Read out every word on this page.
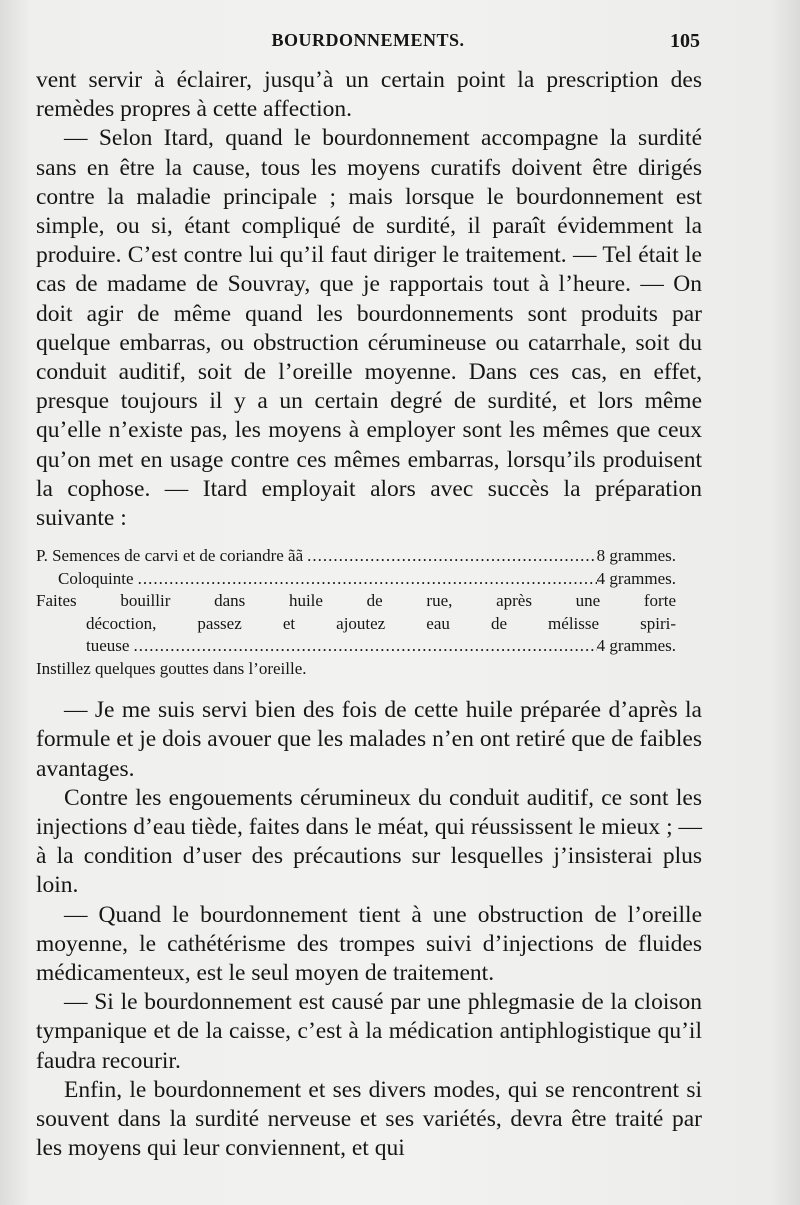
BOURDONNEMENTS.	105

vent servir à éclairer, jusqu’à un certain point la prescription des remèdes propres à cette affection.

— Selon Itard, quand le bourdonnement accompagne la surdité sans en être la cause, tous les moyens curatifs doivent être dirigés contre la maladie principale ; mais lorsque le bourdonnement est simple, ou si, étant compliqué de surdité, il paraît évidemment la produire. C’est contre lui qu’il faut diriger le traitement. — Tel était le cas de madame de Souvray, que je rapportais tout à l’heure. — On doit agir de même quand les bourdonnements sont produits par quelque embarras, ou obstruction cérumineuse ou catarrhale, soit du conduit auditif, soit de l’oreille moyenne. Dans ces cas, en effet, presque toujours il y a un certain degré de surdité, et lors même qu’elle n’existe pas, les moyens à employer sont les mêmes que ceux qu’on met en usage contre ces mêmes embarras, lorsqu’ils produisent la cophose. — Itard employait alors avec succès la préparation suivante :

P. Semences de carvi et de coriandre ãã .....	8 grammes.
Coloquinte .....	4 grammes.
Faites bouillir dans huile de rue, après une forte
décoction, passez et ajoutez eau de mélisse spiri-
tueuse .....	4 grammes.
Instillez quelques gouttes dans l’oreille.

— Je me suis servi bien des fois de cette huile préparée d’après la formule et je dois avouer que les malades n’en ont retiré que de faibles avantages.

Contre les engouements cérumineux du conduit auditif, ce sont les injections d’eau tiède, faites dans le méat, qui réussissent le mieux ; — à la condition d’user des précautions sur lesquelles j’insisterai plus loin.

— Quand le bourdonnement tient à une obstruction de l’oreille moyenne, le cathétérisme des trompes suivi d’injections de fluides médicamenteux, est le seul moyen de traitement.

— Si le bourdonnement est causé par une phlegmasie de la cloison tympanique et de la caisse, c’est à la médication antiphlogistique qu’il faudra recourir.

Enfin, le bourdonnement et ses divers modes, qui se rencontrent si souvent dans la surdité nerveuse et ses variétés, devra être traité par les moyens qui leur conviennent, et qui
